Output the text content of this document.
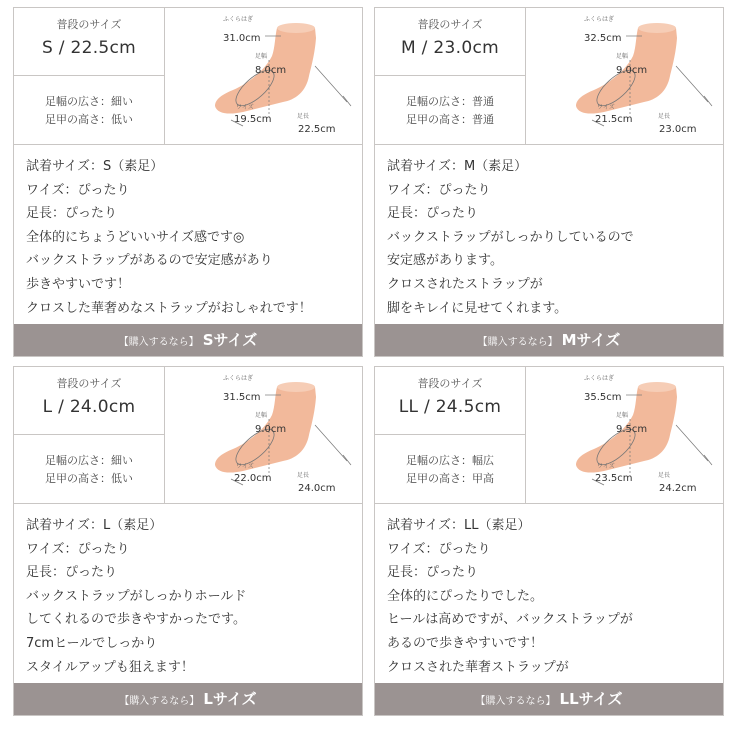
普段のサイズ
S / 22.5cm
足幅の広さ：細い
足甲の高さ：低い
ふくらはぎ
31.0cm
足幅
8.0cm
ワイズ
19.5cm	足長
22.5cm
試着サイズ：S（素足）
ワイズ：ぴったり
足長：ぴったり
全体的にちょうどいいサイズ感です◎
バックストラップがあるので安定感があり
歩きやすいです！
クロスした華奢めなストラップがおしゃれです！
【購入するなら】 Sサイズ
普段のサイズ
M / 23.0cm
足幅の広さ：普通
足甲の高さ：普通
ふくらはぎ
32.5cm
足幅
9.0cm
ワイズ
21.5cm	足長
23.0cm
試着サイズ：M（素足）
ワイズ：ぴったり
足長：ぴったり
バックストラップがしっかりしているので
安定感があります。
クロスされたストラップが
脚をキレイに見せてくれます。
【購入するなら】 Mサイズ
普段のサイズ
L / 24.0cm
足幅の広さ：細い
足甲の高さ：低い
ふくらはぎ
31.5cm
足幅
9.0cm
ワイズ
22.0cm	足長
24.0cm
試着サイズ：L（素足）
ワイズ：ぴったり
足長：ぴったり
バックストラップがしっかりホールド
してくれるので歩きやすかったです。
7cmヒールでしっかり
スタイルアップも狙えます！
【購入するなら】 Lサイズ
普段のサイズ
LL / 24.5cm
足幅の広さ：幅広
足甲の高さ：甲高
ふくらはぎ
35.5cm
足幅
9.5cm
ワイズ
23.5cm	足長
24.2cm
試着サイズ：LL（素足）
ワイズ：ぴったり
足長：ぴったり
全体的にぴったりでした。
ヒールは高めですが、バックストラップが
あるので歩きやすいです！
クロスされた華奢ストラップが
【購入するなら】 LLサイズ
